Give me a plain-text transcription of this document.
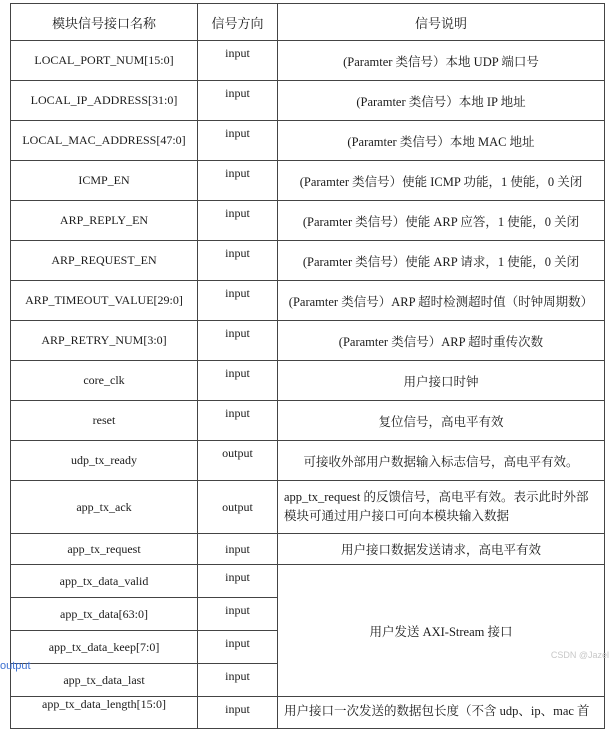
模块信号接口名称	信号方向	信号说明
LOCAL_PORT_NUM[15:0]	input	(Paramter 类信号）本地 UDP 端口号
LOCAL_IP_ADDRESS[31:0]	input	(Paramter 类信号）本地 IP 地址
LOCAL_MAC_ADDRESS[47:0]	input	(Paramter 类信号）本地 MAC 地址
ICMP_EN	input	(Paramter 类信号）使能 ICMP 功能，1 使能，0 关闭
ARP_REPLY_EN	input	(Paramter 类信号）使能 ARP 应答，1 使能，0 关闭
ARP_REQUEST_EN	input	(Paramter 类信号）使能 ARP 请求，1 使能，0 关闭
ARP_TIMEOUT_VALUE[29:0]	input	(Paramter 类信号）ARP 超时检测超时值（时钟周期数）
ARP_RETRY_NUM[3:0]	input	(Paramter 类信号）ARP 超时重传次数
core_clk	input	用户接口时钟
reset	input	复位信号，高电平有效
udp_tx_ready	output	可接收外部用户数据输入标志信号，高电平有效。
app_tx_ack	output	app_tx_request 的反馈信号，高电平有效。表示此时外部模块可通过用户接口可向本模块输入数据
app_tx_request	input	用户接口数据发送请求，高电平有效
app_tx_data_valid	input	用户发送 AXI-Stream 接口
app_tx_data[63:0]	input	
app_tx_data_keep[7:0]	input	
app_tx_data_last	input	
app_tx_data_length[15:0]	input	用户接口一次发送的数据包长度（不含 udp、ip、mac 首
output
CSDN @Jazel
